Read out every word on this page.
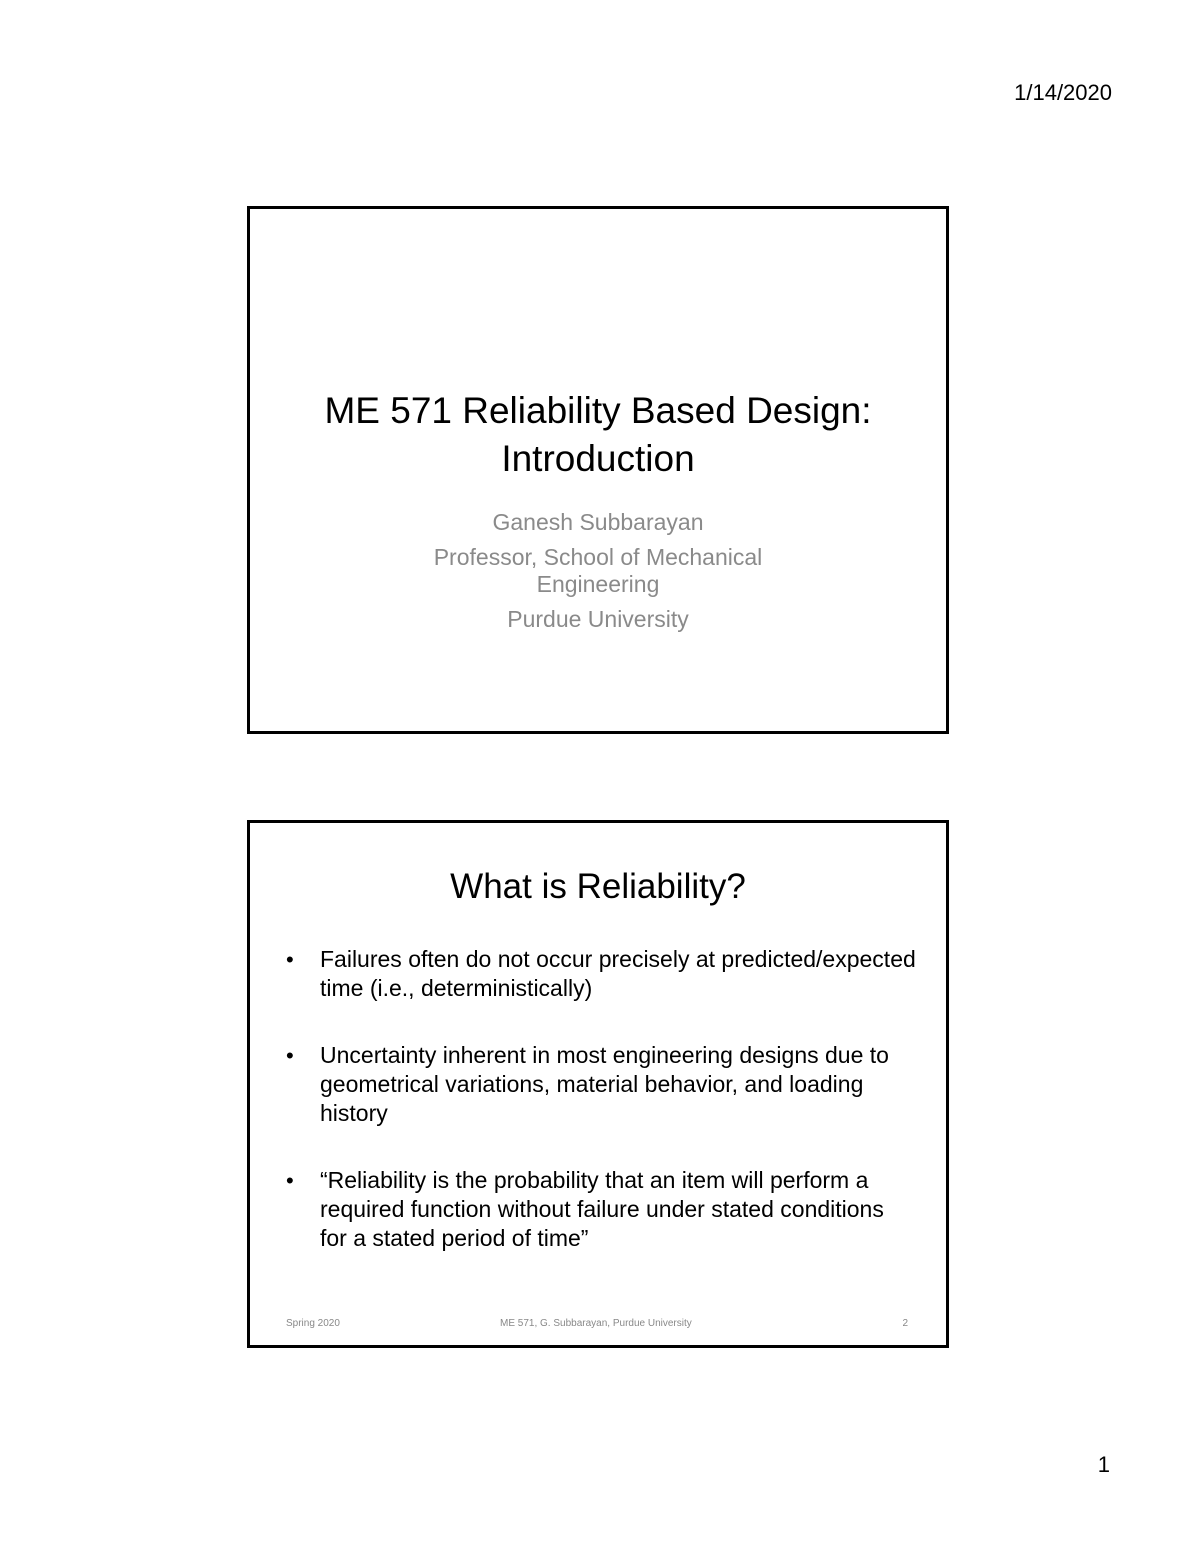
1/14/2020
ME 571 Reliability Based Design:
Introduction
Ganesh Subbarayan
Professor, School of Mechanical
Engineering
Purdue University
What is Reliability?
•	Failures often do not occur precisely at predicted/expected time (i.e., deterministically)
•	Uncertainty inherent in most engineering designs due to geometrical variations, material behavior, and loading history
•	“Reliability is the probability that an item will perform a required function without failure under stated conditions for a stated period of time”
Spring 2020	ME 571, G. Subbarayan, Purdue University	2
1
